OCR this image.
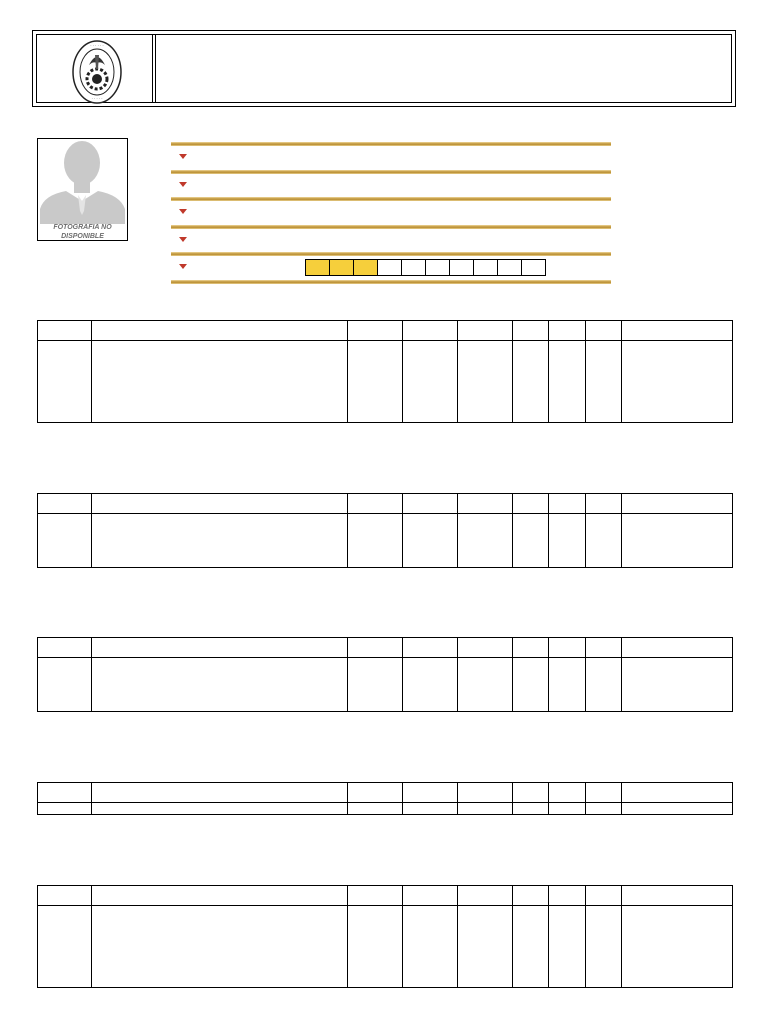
· · · · · ·
· · · · ·
FOTOGRAFIA NO
DISPONIBLE
